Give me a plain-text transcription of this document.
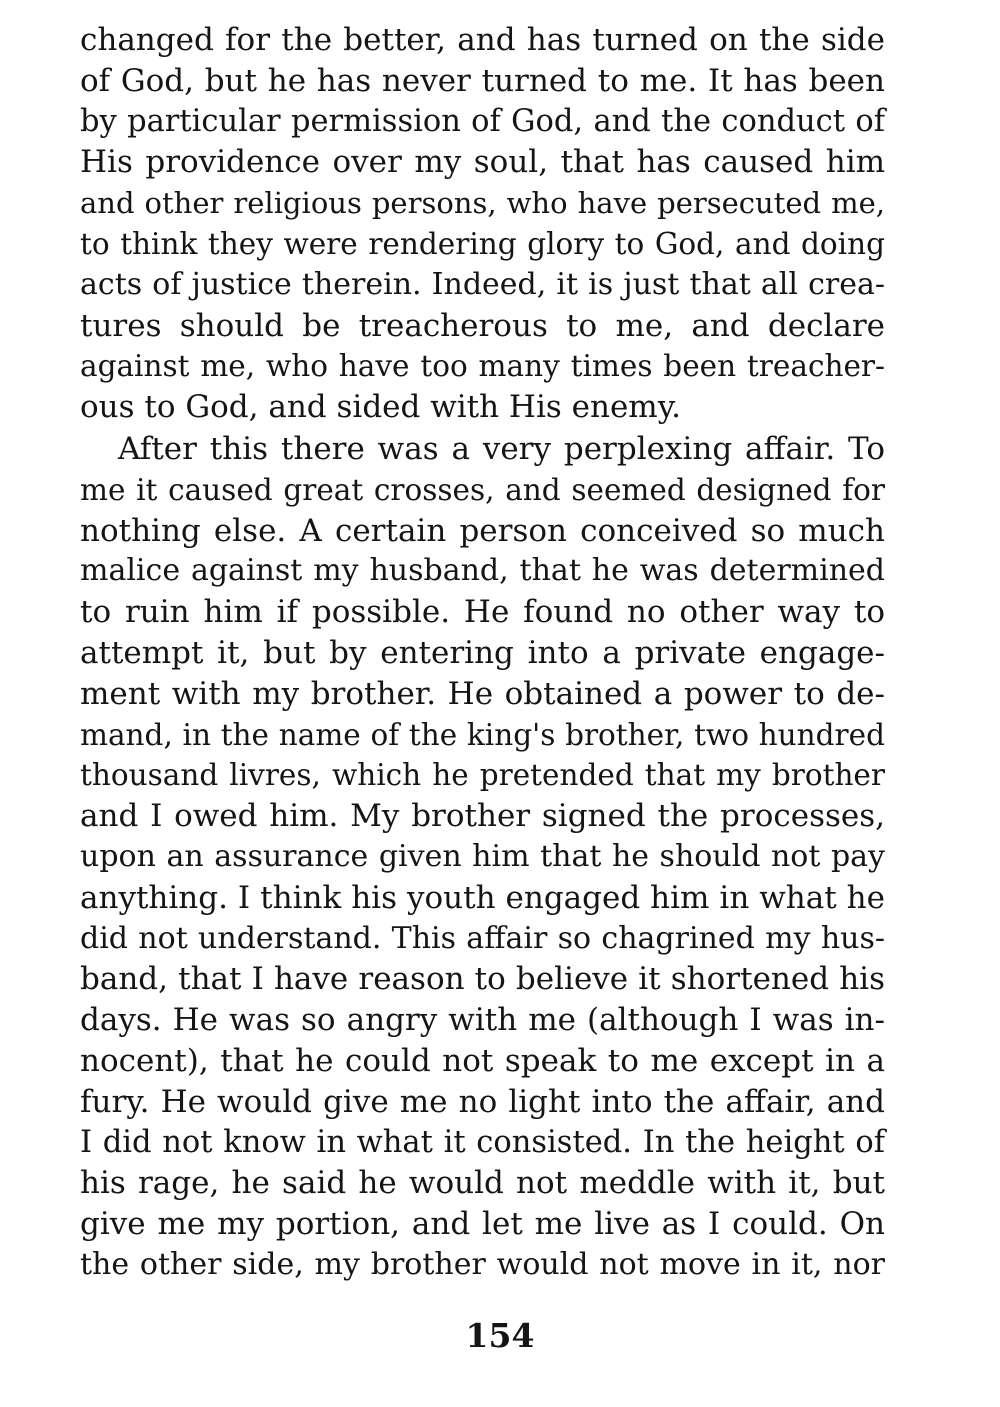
changed for the better, and has turned on the side
of God, but he has never turned to me. It has been
by particular permission of God, and the conduct of
His providence over my soul, that has caused him
and other religious persons, who have persecuted me,
to think they were rendering glory to God, and doing
acts of justice therein. Indeed, it is just that all crea-
tures should be treacherous to me, and declare
against me, who have too many times been treacher-
ous to God, and sided with His enemy.

After this there was a very perplexing affair. To
me it caused great crosses, and seemed designed for
nothing else. A certain person conceived so much
malice against my husband, that he was determined
to ruin him if possible. He found no other way to
attempt it, but by entering into a private engage-
ment with my brother. He obtained a power to de-
mand, in the name of the king's brother, two hundred
thousand livres, which he pretended that my brother
and I owed him. My brother signed the processes,
upon an assurance given him that he should not pay
anything. I think his youth engaged him in what he
did not understand. This affair so chagrined my hus-
band, that I have reason to believe it shortened his
days. He was so angry with me (although I was in-
nocent), that he could not speak to me except in a
fury. He would give me no light into the affair, and
I did not know in what it consisted. In the height of
his rage, he said he would not meddle with it, but
give me my portion, and let me live as I could. On
the other side, my brother would not move in it, nor

154
